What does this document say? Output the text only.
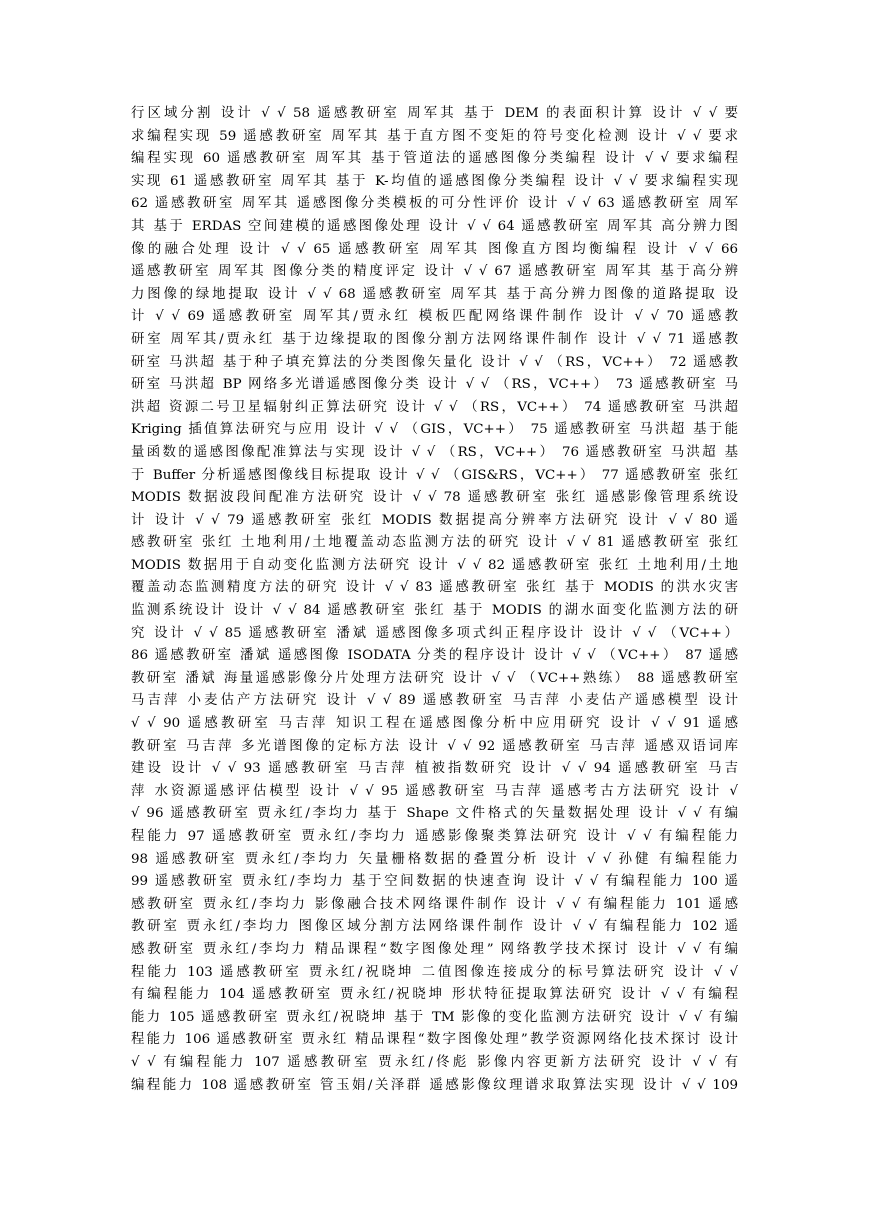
行区域分割 设计 √ √ 58 遥感教研室 周军其 基于 DEM 的表面积计算 设计 √ √ 要
求编程实现 59 遥感教研室 周军其 基于直方图不变矩的符号变化检测 设计 √ √ 要求
编程实现 60 遥感教研室 周军其 基于管道法的遥感图像分类编程 设计 √ √ 要求编程
实现 61 遥感教研室 周军其 基于 K-均值的遥感图像分类编程 设计 √ √ 要求编程实现
62 遥感教研室 周军其 遥感图像分类模板的可分性评价 设计 √ √ 63 遥感教研室 周军
其 基于 ERDAS 空间建模的遥感图像处理 设计 √ √ 64 遥感教研室 周军其 高分辨力图
像的融合处理 设计 √ √ 65 遥感教研室 周军其 图像直方图均衡编程 设计 √ √ 66
遥感教研室 周军其 图像分类的精度评定 设计 √ √ 67 遥感教研室 周军其 基于高分辨
力图像的绿地提取 设计 √ √ 68 遥感教研室 周军其 基于高分辨力图像的道路提取 设
计 √ √ 69 遥感教研室 周军其/贾永红 模板匹配网络课件制作 设计 √ √ 70 遥感教
研室 周军其/贾永红 基于边缘提取的图像分割方法网络课件制作 设计 √ √ 71 遥感教
研室 马洪超 基于种子填充算法的分类图像矢量化 设计 √ √ （RS，VC++） 72 遥感教
研室 马洪超 BP 网络多光谱遥感图像分类 设计 √ √ （RS，VC++） 73 遥感教研室 马
洪超 资源二号卫星辐射纠正算法研究 设计 √ √ （RS，VC++） 74 遥感教研室 马洪超
Kriging 插值算法研究与应用 设计 √ √ （GIS，VC++） 75 遥感教研室 马洪超 基于能
量函数的遥感图像配准算法与实现 设计 √ √ （RS，VC++） 76 遥感教研室 马洪超 基
于 Buffer 分析遥感图像线目标提取 设计 √ √ （GIS&RS，VC++） 77 遥感教研室 张红
MODIS 数据波段间配准方法研究 设计 √ √ 78 遥感教研室 张红 遥感影像管理系统设
计 设计 √ √ 79 遥感教研室 张红 MODIS 数据提高分辨率方法研究 设计 √ √ 80 遥
感教研室 张红 土地利用/土地覆盖动态监测方法的研究 设计 √ √ 81 遥感教研室 张红
MODIS 数据用于自动变化监测方法研究 设计 √ √ 82 遥感教研室 张红 土地利用/土地
覆盖动态监测精度方法的研究 设计 √ √ 83 遥感教研室 张红 基于 MODIS 的洪水灾害
监测系统设计 设计 √ √ 84 遥感教研室 张红 基于 MODIS 的湖水面变化监测方法的研
究 设计 √ √ 85 遥感教研室 潘斌 遥感图像多项式纠正程序设计 设计 √ √ （VC++）
86 遥感教研室 潘斌 遥感图像 ISODATA 分类的程序设计 设计 √ √ （VC++） 87 遥感
教研室 潘斌 海量遥感影像分片处理方法研究 设计 √ √ （VC++熟练） 88 遥感教研室
马吉萍 小麦估产方法研究 设计 √ √ 89 遥感教研室 马吉萍 小麦估产遥感模型 设计
√ √ 90 遥感教研室 马吉萍 知识工程在遥感图像分析中应用研究 设计 √ √ 91 遥感
教研室 马吉萍 多光谱图像的定标方法 设计 √ √ 92 遥感教研室 马吉萍 遥感双语词库
建设 设计 √ √ 93 遥感教研室 马吉萍 植被指数研究 设计 √ √ 94 遥感教研室 马吉
萍 水资源遥感评估模型 设计 √ √ 95 遥感教研室 马吉萍 遥感考古方法研究 设计 √
√ 96 遥感教研室 贾永红/李均力 基于 Shape 文件格式的矢量数据处理 设计 √ √ 有编
程能力 97 遥感教研室 贾永红/李均力 遥感影像聚类算法研究 设计 √ √ 有编程能力
98 遥感教研室 贾永红/李均力 矢量栅格数据的叠置分析 设计 √ √ 孙健 有编程能力
99 遥感教研室 贾永红/李均力 基于空间数据的快速查询 设计 √ √ 有编程能力 100 遥
感教研室 贾永红/李均力 影像融合技术网络课件制作 设计 √ √ 有编程能力 101 遥感
教研室 贾永红/李均力 图像区域分割方法网络课件制作 设计 √ √ 有编程能力 102 遥
感教研室 贾永红/李均力 精品课程“数字图像处理” 网络教学技术探讨 设计 √ √ 有编
程能力 103 遥感教研室 贾永红/祝晓坤 二值图像连接成分的标号算法研究 设计 √ √
有编程能力 104 遥感教研室 贾永红/祝晓坤 形状特征提取算法研究 设计 √ √ 有编程
能力 105 遥感教研室 贾永红/祝晓坤 基于 TM 影像的变化监测方法研究 设计 √ √ 有编
程能力 106 遥感教研室 贾永红 精品课程“数字图像处理”教学资源网络化技术探讨 设计
√ √ 有编程能力 107 遥感教研室 贾永红/佟彪 影像内容更新方法研究 设计 √ √ 有
编程能力 108 遥感教研室 管玉娟/关泽群 遥感影像纹理谱求取算法实现 设计 √ √ 109
